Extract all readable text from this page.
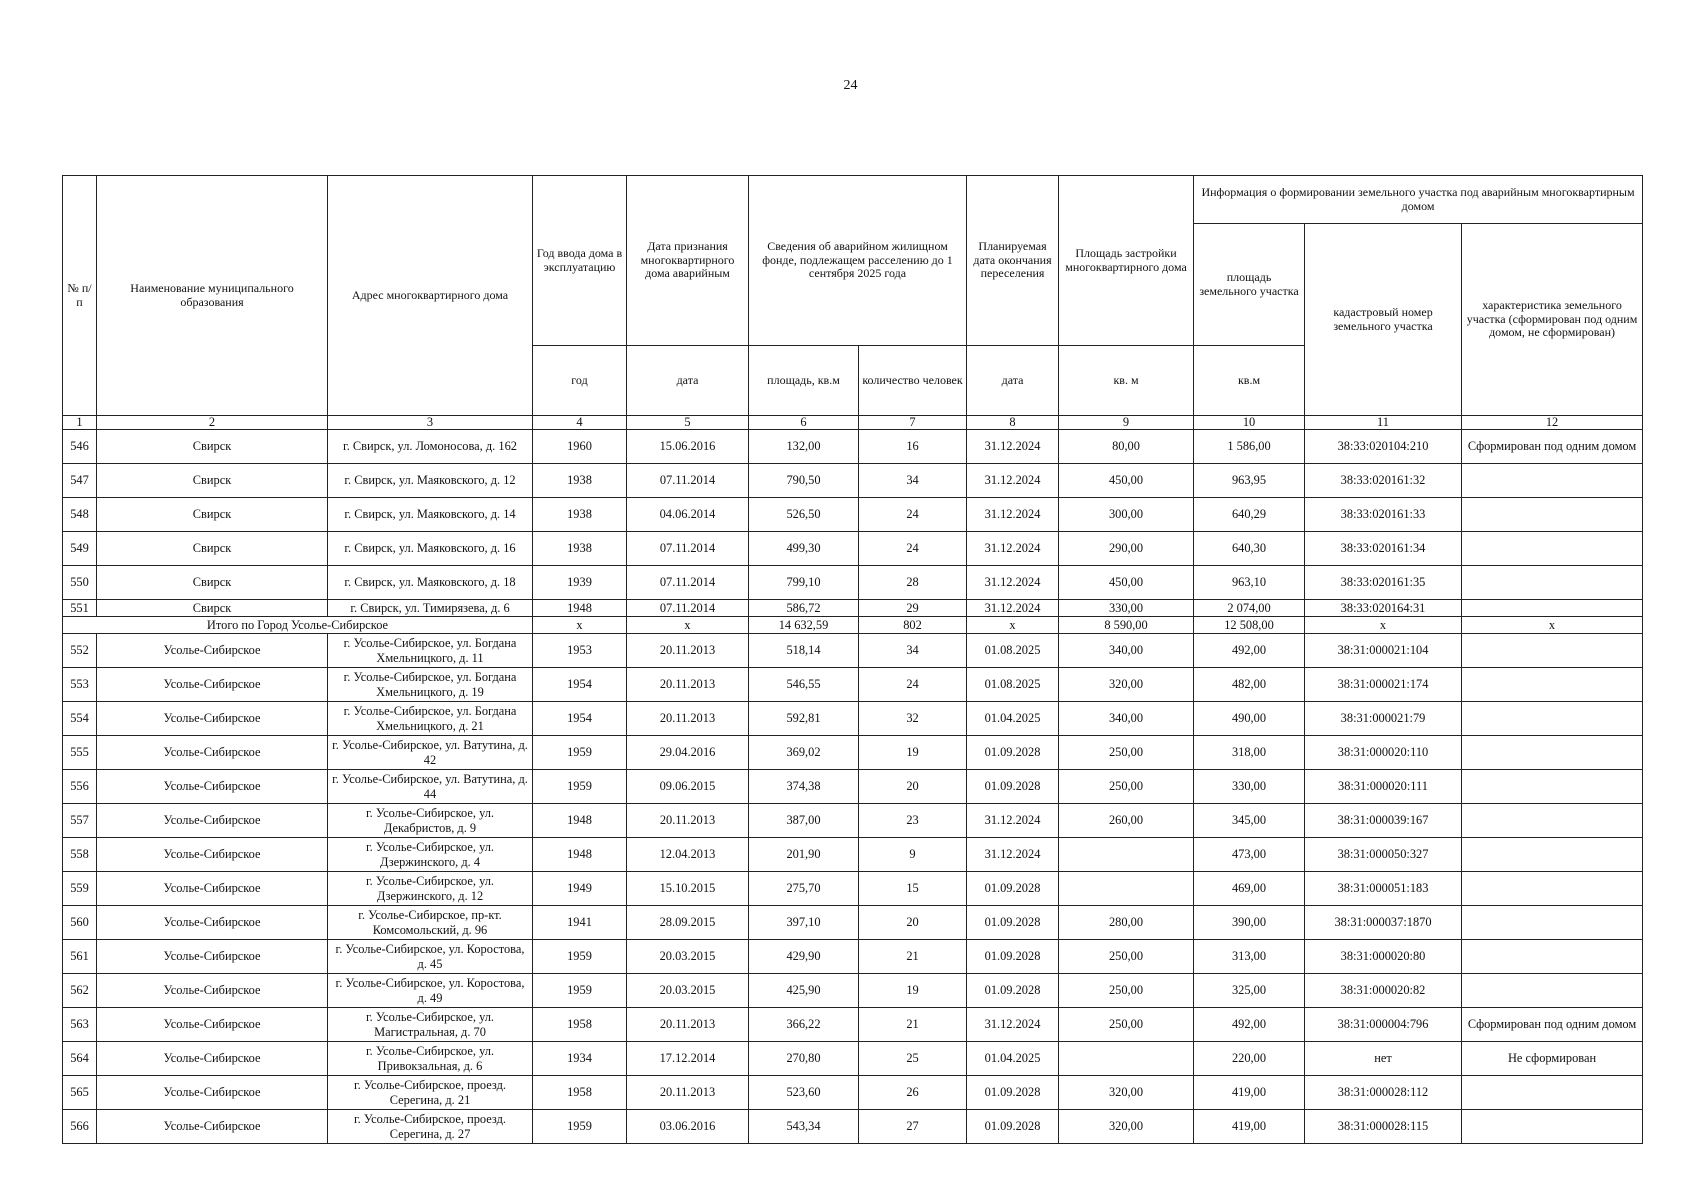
24
№ п/п	Наименование муниципального образования	Адрес многоквартирного дома	Год ввода дома в эксплуатацию	Дата признания многоквартирного дома аварийным	Сведения об аварийном жилищном фонде, подлежащем расселению до 1 сентября 2025 года		Планируемая дата окончания переселения	Площадь застройки многоквартирного дома	Информация о формировании земельного участка под аварийным многоквартирным домом		
									площадь земельного участка	кадастровый номер земельного участка	характеристика земельного участка (сформирован под одним домом, не сформирован)
			год	дата	площадь, кв.м	количество человек	дата	кв. м	кв.м		
1	2	3	4	5	6	7	8	9	10	11	12
546	Свирск	г. Свирск, ул. Ломоносова, д. 162	1960	15.06.2016	132,00	16	31.12.2024	80,00	1 586,00	38:33:020104:210	Сформирован под одним домом
547	Свирск	г. Свирск, ул. Маяковского, д. 12	1938	07.11.2014	790,50	34	31.12.2024	450,00	963,95	38:33:020161:32	
548	Свирск	г. Свирск, ул. Маяковского, д. 14	1938	04.06.2014	526,50	24	31.12.2024	300,00	640,29	38:33:020161:33	
549	Свирск	г. Свирск, ул. Маяковского, д. 16	1938	07.11.2014	499,30	24	31.12.2024	290,00	640,30	38:33:020161:34	
550	Свирск	г. Свирск, ул. Маяковского, д. 18	1939	07.11.2014	799,10	28	31.12.2024	450,00	963,10	38:33:020161:35	
551	Свирск	г. Свирск, ул. Тимирязева, д. 6	1948	07.11.2014	586,72	29	31.12.2024	330,00	2 074,00	38:33:020164:31	
Итого по Город Усолье-Сибирское			x	x	14 632,59	802	x	8 590,00	12 508,00	x	x
552	Усолье-Сибирское	г. Усолье-Сибирское, ул. Богдана Хмельницкого, д. 11	1953	20.11.2013	518,14	34	01.08.2025	340,00	492,00	38:31:000021:104	
553	Усолье-Сибирское	г. Усолье-Сибирское, ул. Богдана Хмельницкого, д. 19	1954	20.11.2013	546,55	24	01.08.2025	320,00	482,00	38:31:000021:174	
554	Усолье-Сибирское	г. Усолье-Сибирское, ул. Богдана Хмельницкого, д. 21	1954	20.11.2013	592,81	32	01.04.2025	340,00	490,00	38:31:000021:79	
555	Усолье-Сибирское	г. Усолье-Сибирское, ул. Ватутина, д. 42	1959	29.04.2016	369,02	19	01.09.2028	250,00	318,00	38:31:000020:110	
556	Усолье-Сибирское	г. Усолье-Сибирское, ул. Ватутина, д. 44	1959	09.06.2015	374,38	20	01.09.2028	250,00	330,00	38:31:000020:111	
557	Усолье-Сибирское	г. Усолье-Сибирское, ул. Декабристов, д. 9	1948	20.11.2013	387,00	23	31.12.2024	260,00	345,00	38:31:000039:167	
558	Усолье-Сибирское	г. Усолье-Сибирское, ул. Дзержинского, д. 4	1948	12.04.2013	201,90	9	31.12.2024		473,00	38:31:000050:327	
559	Усолье-Сибирское	г. Усолье-Сибирское, ул. Дзержинского, д. 12	1949	15.10.2015	275,70	15	01.09.2028		469,00	38:31:000051:183	
560	Усолье-Сибирское	г. Усолье-Сибирское, пр-кт. Комсомольский, д. 96	1941	28.09.2015	397,10	20	01.09.2028	280,00	390,00	38:31:000037:1870	
561	Усолье-Сибирское	г. Усолье-Сибирское, ул. Коростова, д. 45	1959	20.03.2015	429,90	21	01.09.2028	250,00	313,00	38:31:000020:80	
562	Усолье-Сибирское	г. Усолье-Сибирское, ул. Коростова, д. 49	1959	20.03.2015	425,90	19	01.09.2028	250,00	325,00	38:31:000020:82	
563	Усолье-Сибирское	г. Усолье-Сибирское, ул. Магистральная, д. 70	1958	20.11.2013	366,22	21	31.12.2024	250,00	492,00	38:31:000004:796	Сформирован под одним домом
564	Усолье-Сибирское	г. Усолье-Сибирское, ул. Привокзальная, д. 6	1934	17.12.2014	270,80	25	01.04.2025		220,00	нет	Не сформирован
565	Усолье-Сибирское	г. Усолье-Сибирское, проезд. Серегина, д. 21	1958	20.11.2013	523,60	26	01.09.2028	320,00	419,00	38:31:000028:112	
566	Усолье-Сибирское	г. Усолье-Сибирское, проезд. Серегина, д. 27	1959	03.06.2016	543,34	27	01.09.2028	320,00	419,00	38:31:000028:115	
